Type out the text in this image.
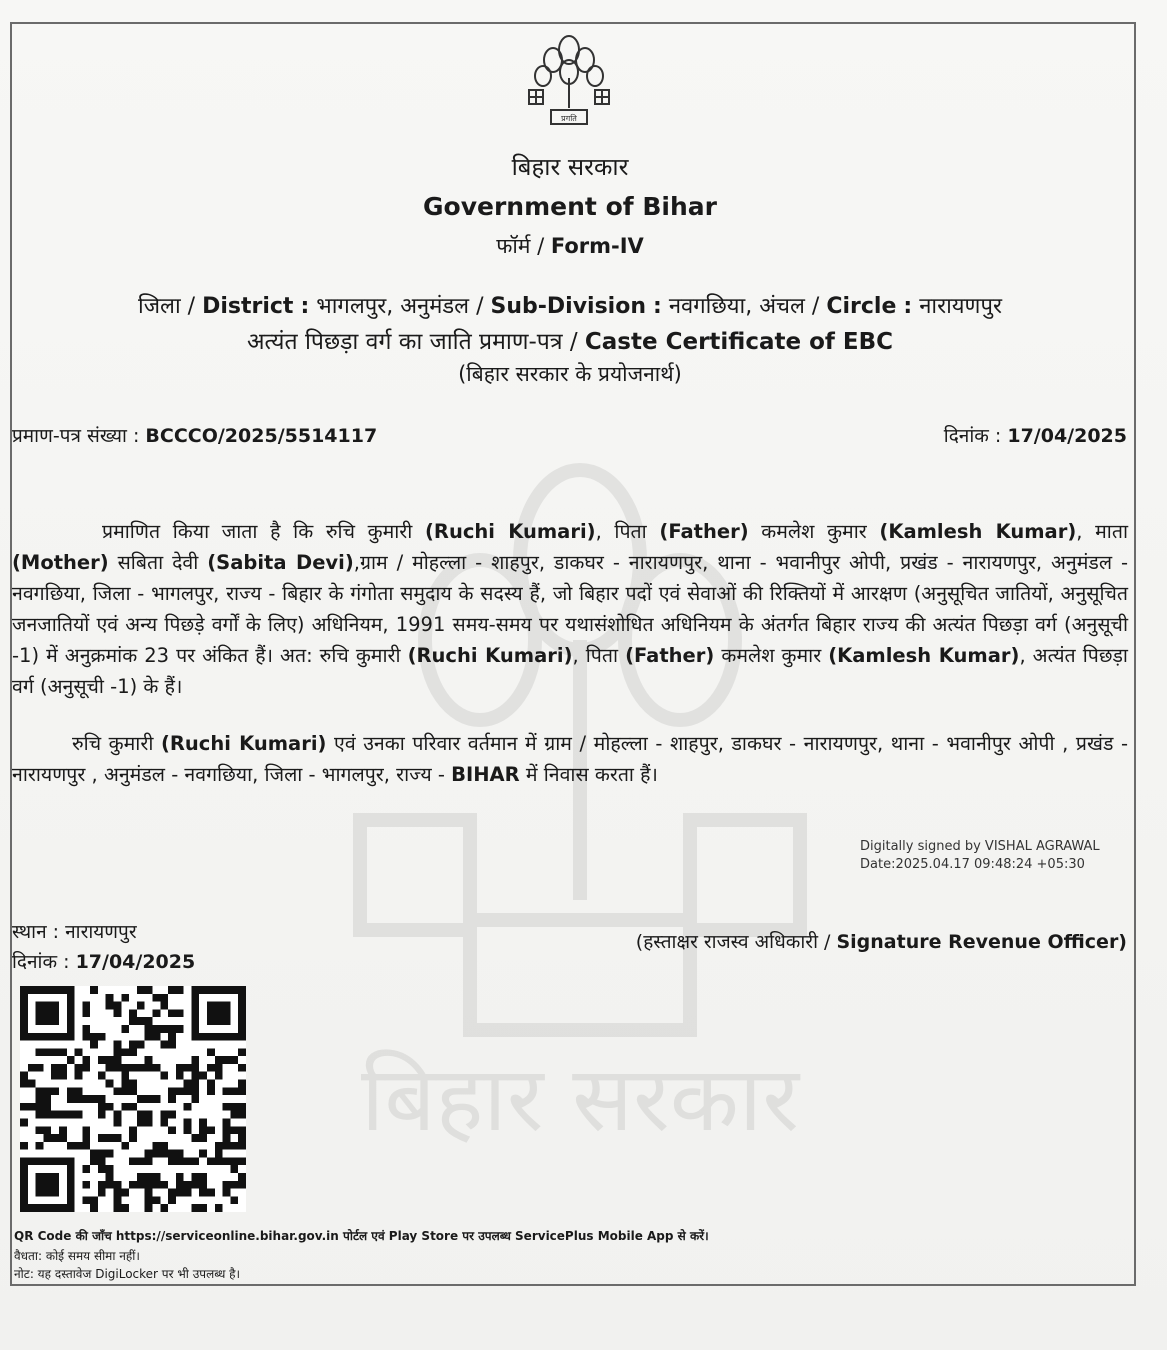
बिहार सरकार
प्रगति
बिहार सरकार
Government of Bihar
फॉर्म / Form-IV
जिला / District : भागलपुर, अनुमंडल / Sub-Division : नवगछिया, अंचल / Circle : नारायणपुर
अत्यंत पिछड़ा वर्ग का जाति प्रमाण-पत्र / Caste Certificate of EBC
(बिहार सरकार के प्रयोजनार्थ)
प्रमाण-पत्र संख्या : BCCCO/2025/5514117	दिनांक : 17/04/2025
प्रमाणित किया जाता है कि रुचि कुमारी (Ruchi Kumari), पिता (Father) कमलेश कुमार (Kamlesh Kumar), माता (Mother) सबिता देवी (Sabita Devi),ग्राम / मोहल्ला - शाहपुर, डाकघर - नारायणपुर, थाना - भवानीपुर ओपी, प्रखंड - नारायणपुर, अनुमंडल - नवगछिया, जिला - भागलपुर, राज्य - बिहार के गंगोता समुदाय के सदस्य हैं, जो बिहार पदों एवं सेवाओं की रिक्तियों में आरक्षण (अनुसूचित जातियों, अनुसूचित जनजातियों एवं अन्य पिछड़े वर्गों के लिए) अधिनियम, 1991 समय-समय पर यथासंशोधित अधिनियम के अंतर्गत बिहार राज्य की अत्यंत पिछड़ा वर्ग (अनुसूची -1) में अनुक्रमांक 23 पर अंकित हैं। अत: रुचि कुमारी (Ruchi Kumari), पिता (Father) कमलेश कुमार (Kamlesh Kumar), अत्यंत पिछड़ा वर्ग (अनुसूची -1) के हैं।
रुचि कुमारी (Ruchi Kumari) एवं उनका परिवार वर्तमान में ग्राम / मोहल्ला - शाहपुर, डाकघर - नारायणपुर, थाना - भवानीपुर ओपी , प्रखंड - नारायणपुर , अनुमंडल - नवगछिया, जिला - भागलपुर, राज्य - BIHAR में निवास करता हैं।
Digitally signed by VISHAL AGRAWAL
Date:2025.04.17 09:48:24 +05:30
स्थान : नारायणपुर
दिनांक : 17/04/2025
(हस्ताक्षर राजस्व अधिकारी / Signature Revenue Officer)
QR Code की जाँच https://serviceonline.bihar.gov.in पोर्टल एवं Play Store पर उपलब्ध ServicePlus Mobile App से करें।
वैधता: कोई समय सीमा नहीं।
नोट: यह दस्तावेज DigiLocker पर भी उपलब्ध है।
